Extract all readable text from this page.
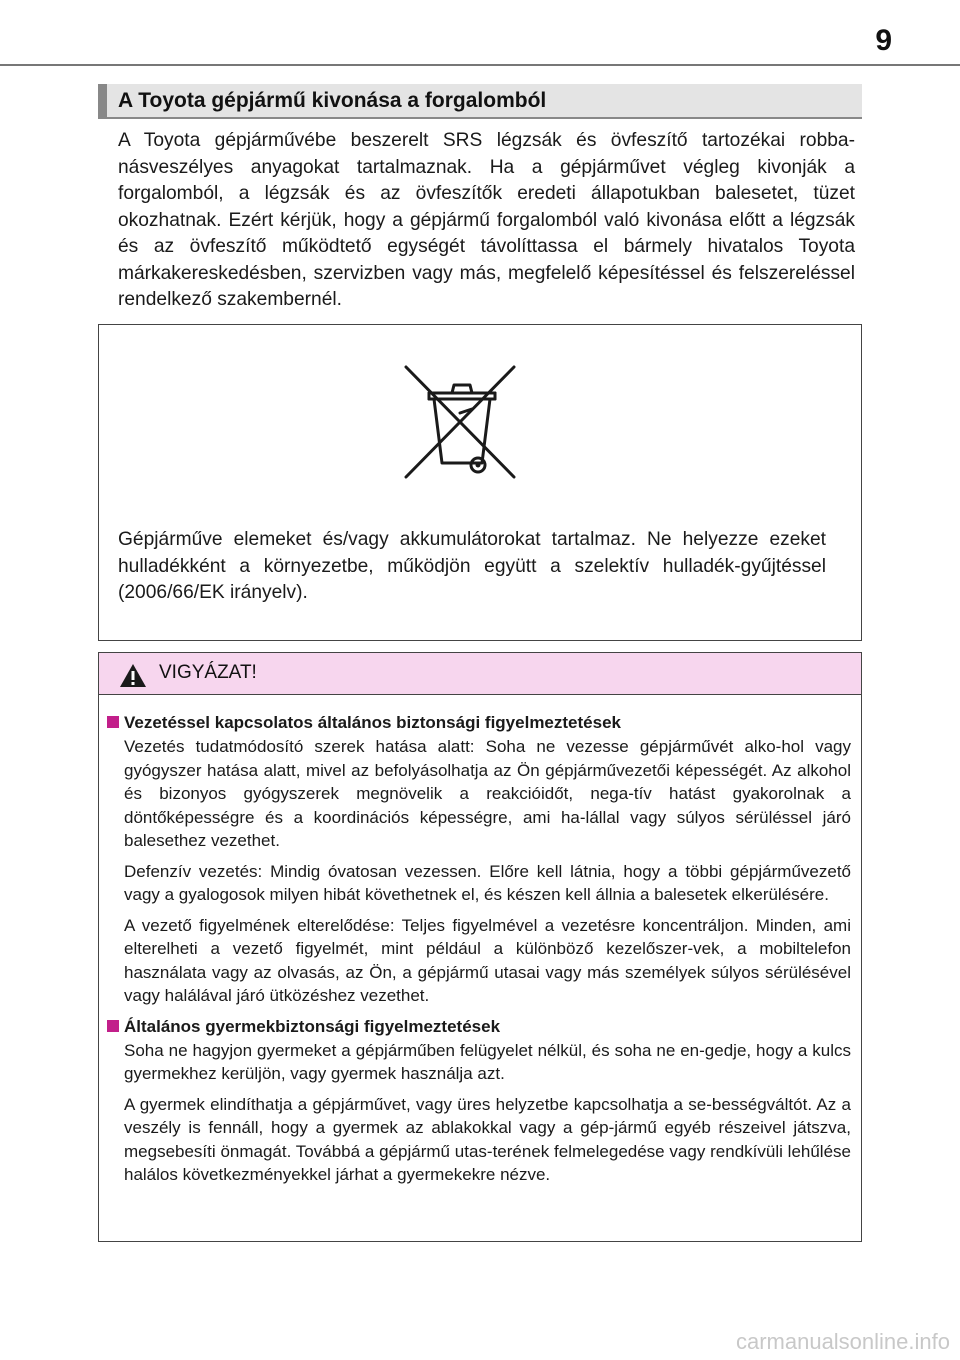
9
A Toyota gépjármű kivonása a forgalomból

A Toyota gépjárművébe beszerelt SRS légzsák és övfeszítő tartozékai robba-násveszélyes anyagokat tartalmaznak. Ha a gépjárművet végleg kivonják a forgalomból, a légzsák és az övfeszítők eredeti állapotukban balesetet, tüzet okozhatnak. Ezért kérjük, hogy a gépjármű forgalomból való kivonása előtt a légzsák és az övfeszítő működtető egységét távolíttassa el bármely hivatalos Toyota márkakereskedésben, szervizben vagy más, megfelelő képesítéssel és felszereléssel rendelkező szakembernél.

Gépjárműve elemeket és/vagy akkumulátorokat tartalmaz. Ne helyezze ezeket hulladékként a környezetbe, működjön együtt a szelektív hulladék-gyűjtéssel (2006/66/EK irányelv).

VIGYÁZAT!
Vezetéssel kapcsolatos általános biztonsági figyelmeztetések

Vezetés tudatmódosító szerek hatása alatt: Soha ne vezesse gépjárművét alko-hol vagy gyógyszer hatása alatt, mivel az befolyásolhatja az Ön gépjárművezetői képességét. Az alkohol és bizonyos gyógyszerek megnövelik a reakcióidőt, nega-tív hatást gyakorolnak a döntőképességre és a koordinációs képességre, ami ha-lállal vagy súlyos sérüléssel járó balesethez vezethet.

Defenzív vezetés: Mindig óvatosan vezessen. Előre kell látnia, hogy a többi gépjárművezető vagy a gyalogosok milyen hibát követhetnek el, és készen kell állnia a balesetek elkerülésére.

A vezető figyelmének elterelődése: Teljes figyelmével a vezetésre koncentráljon. Minden, ami elterelheti a vezető figyelmét, mint például a különböző kezelőszer-vek, a mobiltelefon használata vagy az olvasás, az Ön, a gépjármű utasai vagy más személyek súlyos sérülésével vagy halálával járó ütközéshez vezethet.

Általános gyermekbiztonsági figyelmeztetések

Soha ne hagyjon gyermeket a gépjárműben felügyelet nélkül, és soha ne en-gedje, hogy a kulcs gyermekhez kerüljön, vagy gyermek használja azt.

A gyermek elindíthatja a gépjárművet, vagy üres helyzetbe kapcsolhatja a se-bességváltót. Az a veszély is fennáll, hogy a gyermek az ablakokkal vagy a gép-jármű egyéb részeivel játszva, megsebesíti önmagát. Továbbá a gépjármű utas-terének felmelegedése vagy rendkívüli lehűlése halálos következményekkel járhat a gyermekekre nézve.

carmanualsonline.info
